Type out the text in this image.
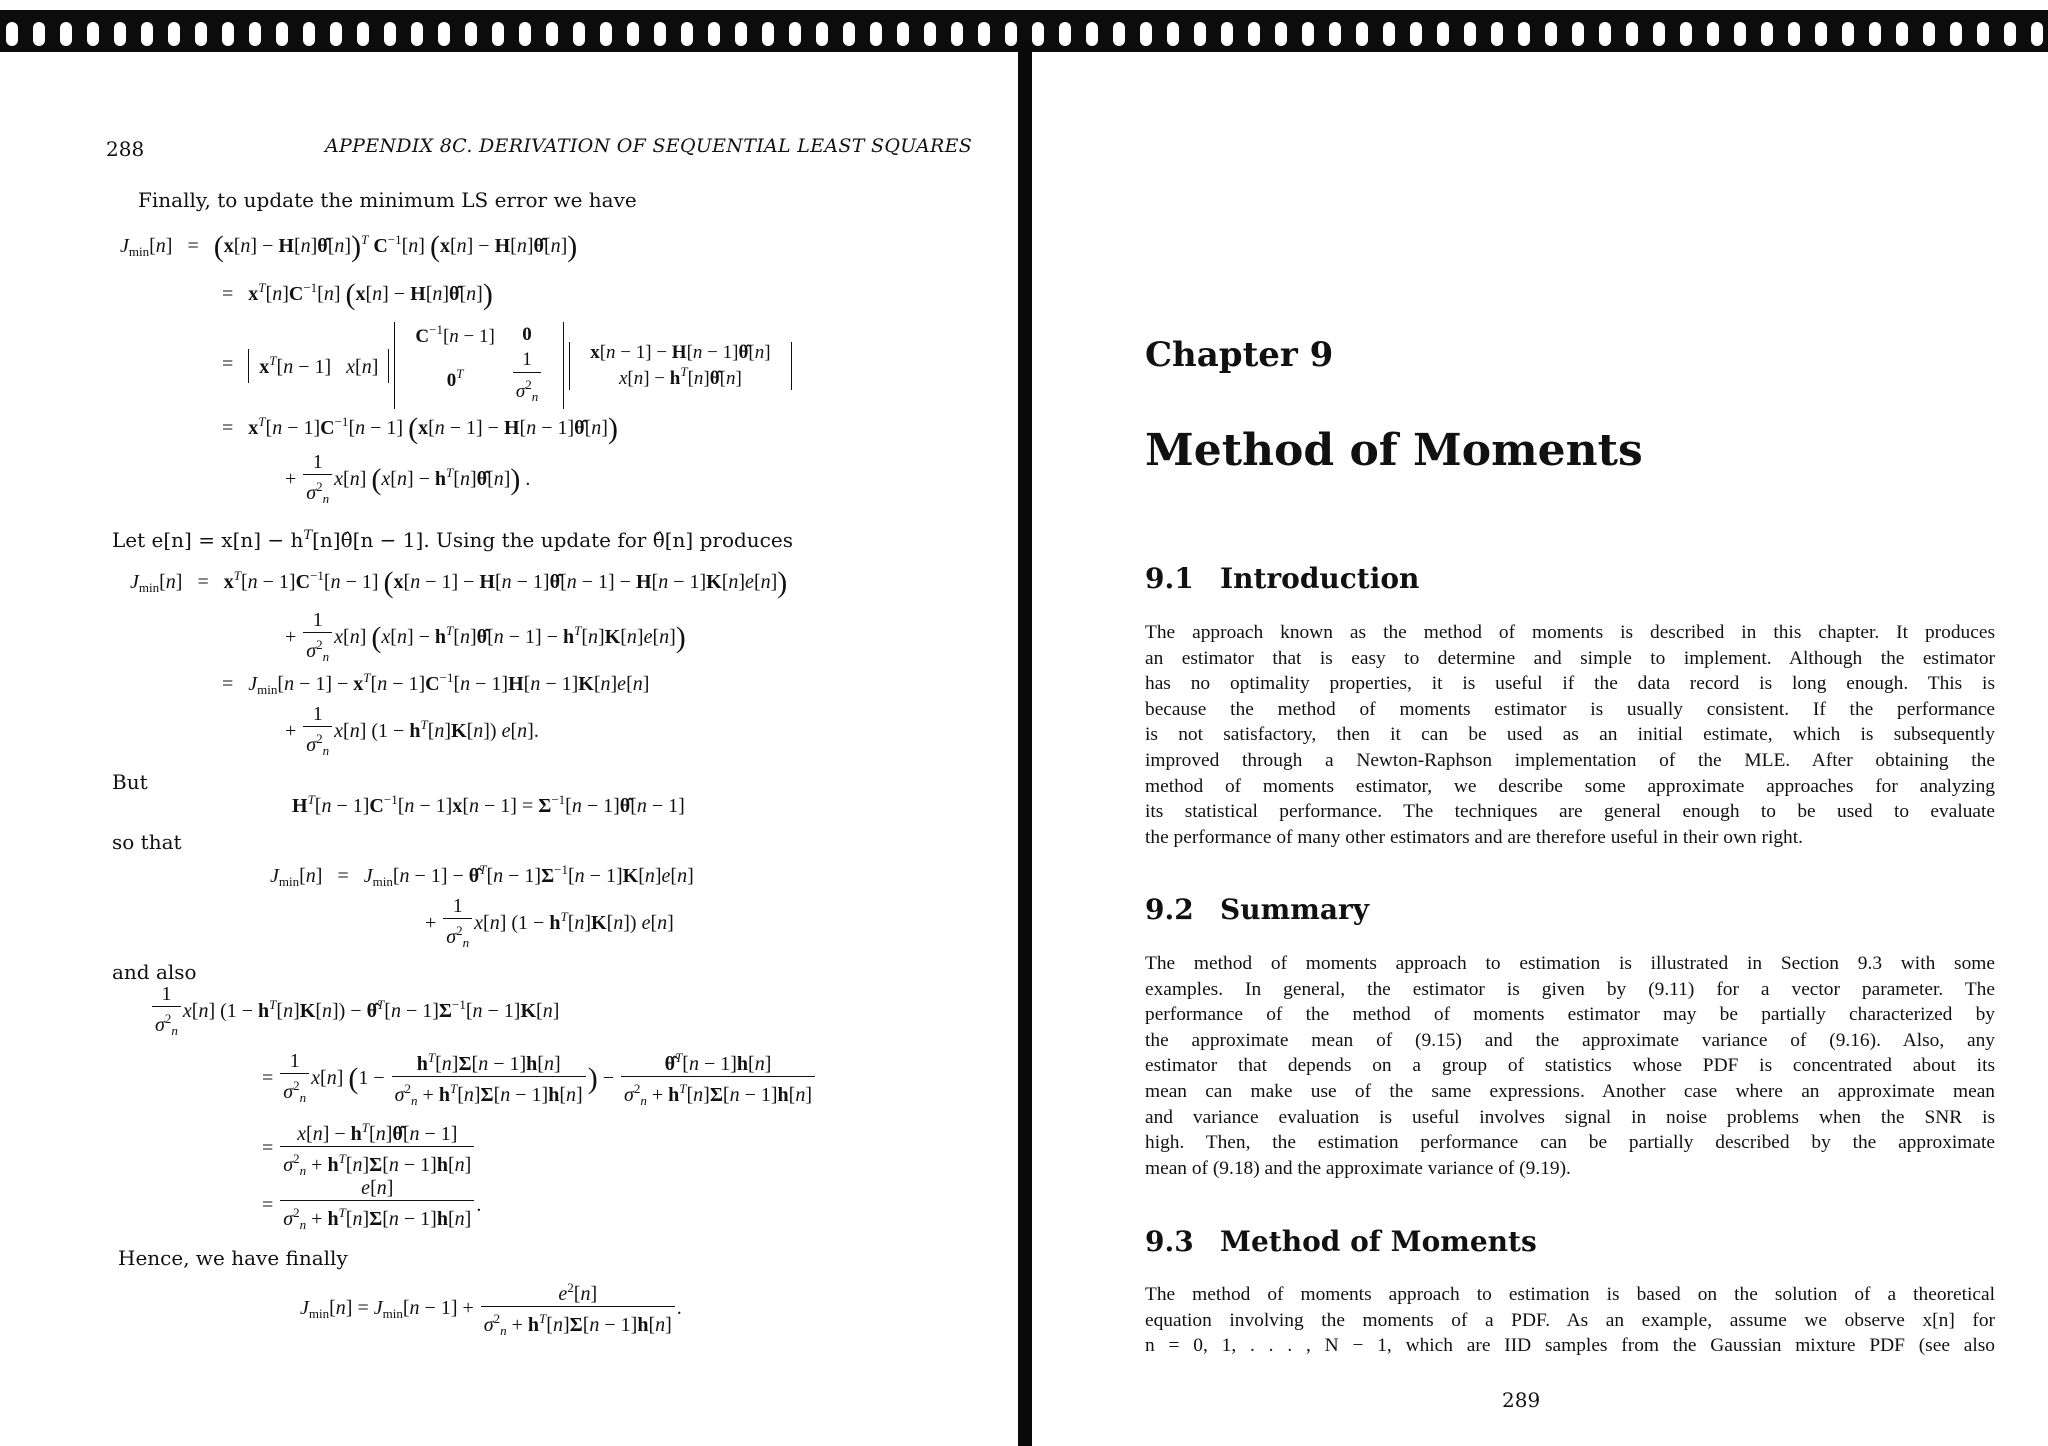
288	APPENDIX 8C. DERIVATION OF SEQUENTIAL LEAST SQUARES
Finally, to update the minimum LS error we have
$J_{min}[n] = (x[n]$ − H[n]θ̂[n])$^T$ $C^{-1}[n] (x[n]$ − H[n]θ̂[n])
=   $x^T[n]C^{-1}[n] (x[n]$ − H[n]θ̂[n])
=   $x^T[n - 1]$   x[n]
$C^{-1}[n - 1]$	0
$0^T$	$\frac{1}{\sigma^2_n}$
	x[n − 1] − H[n − 1]θ̂[n]
$x[n] - h^T[n]\thetâ[n]$
=   $x^T[n - 1]C^{-1}[n - 1] (x[n - 1] - H[n$ − 1]θ̂[n])
+ $\frac{1}{\sigma^2_n} x[n] (x[n]$ − $h^T[n]\thetâ[n]$) .
Let $e[n] = x[n] - h^T[n]\thetâ[n - 1]$. Using the update for θ̂[n] produces
$J_{min}[n] = x^T[n - 1]C^{-1}[n - 1] (x[n - 1] - H[n$ − 1]θ̂[n − 1] − H[n − 1]K[n]e[n])
+ $\frac{1}{\sigma^2_n} x[n] (x[n]$ − $h^T[n]\thetâ[n - 1] - h^T[n]K[n]e[n]$)
=   $J_{min}[n - 1] - x^T[n - 1]C^{-1}[n - 1]H[n - 1]K[n]e[n]$
+ $\frac{1}{\sigma^2_n} x[n] (1 - h^T[n]K[n])$ e[n].
But
$H^T[n - 1]C^{-1}[n - 1]x[n - 1] = \Sigma^{-1}[n$ − 1]θ̂[n − 1]
so that
$J_{min}[n] = J_{min}[n - 1]$ − θ̂$^T$[n − $1]\Sigma^{-1}[n - 1]K[n]e[n]$
+ $\frac{1}{\sigma^2_n} x[n] (1 - h^T[n]K[n])$ e[n]
and also
$\frac{1}{\sigma^2_n} x[n] (1 - h^T[n]K[n])$ − θ̂$^T$[n − $1]\Sigma^{-1}[n - 1]K[n]$
= $\frac{1}{\sigma^2_n} x[n] (1 - \frac{h^T[n]\Sigma[n - 1]h[n]}{\sigma^2_n + h^T[n]\Sigma[n - 1]h[n]}$ ) − $\frac{\thetâ^T[n - 1]h[n]}{\sigma^2_n + h^T[n]\Sigma[n - 1]h[n]}$
= $\frac{x[n] - h^T[n]\thetâ[n - 1]}{\sigma^2_n + h^T[n]\Sigma[n - 1]h[n]}$
= $\frac{e[n]}{\sigma^2_n + h^T[n]\Sigma[n - 1]h[n]}$ .
Hence, we have finally
$J_{min}[n] = J_{min}[n - 1] + \frac{e^2[n]}{\sigma^2_n + h^T[n]\Sigma[n - 1]h[n]}$ .
Chapter 9
Method of Moments
9.1 Introduction
The approach known as the method of moments is described in this chapter. It produces
an estimator that is easy to determine and simple to implement. Although the estimator
has no optimality properties, it is useful if the data record is long enough. This is
because the method of moments estimator is usually consistent. If the performance
is not satisfactory, then it can be used as an initial estimate, which is subsequently
improved through a Newton-Raphson implementation of the MLE. After obtaining the
method of moments estimator, we describe some approximate approaches for analyzing
its statistical performance. The techniques are general enough to be used to evaluate
the performance of many other estimators and are therefore useful in their own right.
9.2 Summary
The method of moments approach to estimation is illustrated in Section 9.3 with some
examples. In general, the estimator is given by (9.11) for a vector parameter. The
performance of the method of moments estimator may be partially characterized by
the approximate mean of (9.15) and the approximate variance of (9.16). Also, any
estimator that depends on a group of statistics whose PDF is concentrated about its
mean can make use of the same expressions. Another case where an approximate mean
and variance evaluation is useful involves signal in noise problems when the SNR is
high. Then, the estimation performance can be partially described by the approximate
mean of (9.18) and the approximate variance of (9.19).
9.3 Method of Moments
The method of moments approach to estimation is based on the solution of a theoretical
equation involving the moments of a PDF. As an example, assume we observe x[n] for
n = 0, 1, . . . , N − 1, which are IID samples from the Gaussian mixture PDF (see also
289
